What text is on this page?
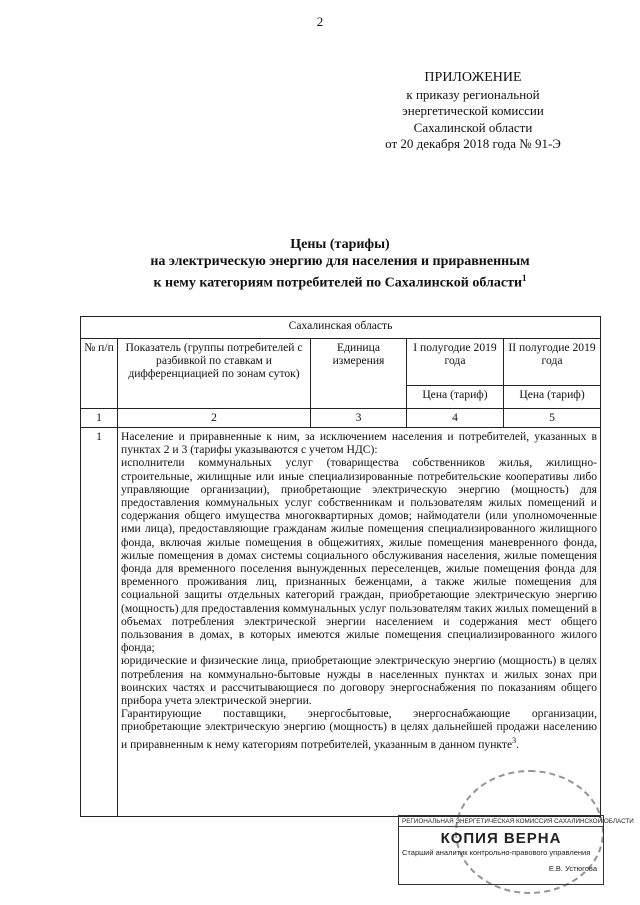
2
ПРИЛОЖЕНИЕ
к приказу региональной
энергетической комиссии
Сахалинской области
от 20 декабря 2018 года № 91-Э
Цены (тарифы)
на электрическую энергию для населения и приравненным
к нему категориям потребителей по Сахалинской области$^1$
Сахалинская область				
№ п/п	Показатель (группы потребителей с разбивкой по ставкам и дифференциацией по зонам суток)	Единица измерения	I полугодие 2019 года	II полугодие 2019 года
			Цена (тариф)	Цена (тариф)
1	2	3	4	5
1	Население и приравненные к ним, за исключением населения и потребителей, указанных в пунктах 2 и 3 (тарифы указываются с учетом НДС):

исполнители коммунальных услуг (товарищества собственников жилья, жилищно-строительные, жилищные или иные специализированные потребительские кооперативы либо управляющие организации), приобретающие электрическую энергию (мощность) для предоставления коммунальных услуг собственникам и пользователям жилых помещений и содержания общего имущества многоквартирных домов; наймодатели (или уполномоченные ими лица), предоставляющие гражданам жилые помещения специализированного жилищного фонда, включая жилые помещения в общежитиях, жилые помещения маневренного фонда, жилые помещения в домах системы социального обслуживания населения, жилые помещения фонда для временного поселения вынужденных переселенцев, жилые помещения фонда для временного проживания лиц, признанных беженцами, а также жилые помещения для социальной защиты отдельных категорий граждан, приобретающие электрическую энергию (мощность) для предоставления коммунальных услуг пользователям таких жилых помещений в объемах потребления электрической энергии населением и содержания мест общего пользования в домах, в которых имеются жилые помещения специализированного жилого фонда;

юридические и физические лица, приобретающие электрическую энергию (мощность) в целях потребления на коммунально-бытовые нужды в населенных пунктах и жилых зонах при воинских частях и рассчитывающиеся по договору энергоснабжения по показаниям общего прибора учета электрической энергии.

Гарантирующие поставщики, энергосбытовые, энергоснабжающие организации, приобретающие электрическую энергию (мощность) в целях дальнейшей продажи населению и приравненным к нему категориям потребителей, указанным в данном пункте$^3$.			

РЕГИОНАЛЬНАЯ ЭНЕРГЕТИЧЕСКАЯ КОМИССИЯ САХАЛИНСКОЙ ОБЛАСТИ
КОПИЯ ВЕРНА
Старший аналитик контрольно-правового управления
Е.В. Устюгова
